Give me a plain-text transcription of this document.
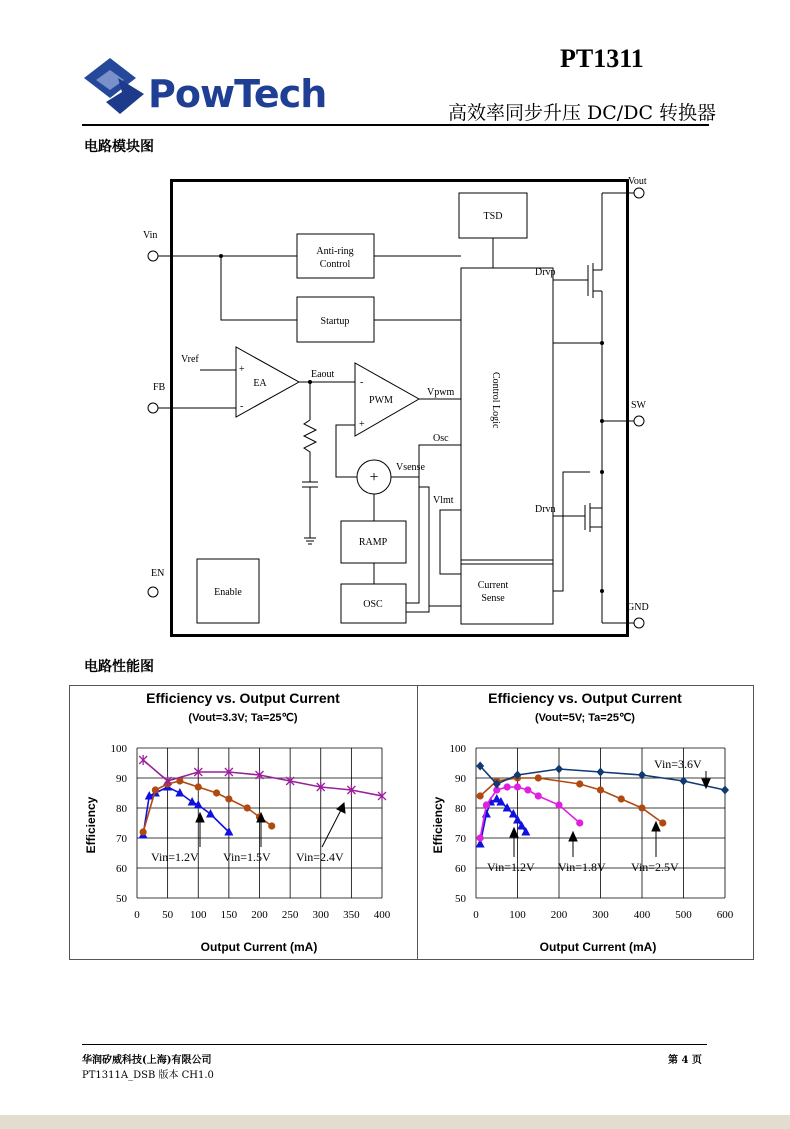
PowTech
PT1311
高效率同步升压 DC/DC 转换器
电路模块图
TSD
Anti-ring
Control
Startup
EA
PWM	Control Logic
RAMP
OSC
Enable
Current
Sense
Vin
FB
EN
Vout
SW
GND
Vref
Eaout
Vpwm
Osc
Vsense
Vlmt
Drvp
Drvn
+
-
-
+
+
电路性能图
Efficiency vs. Output Current
(Vout=3.3V; Ta=25℃)
Efficiency
Output Current (mA)
0 50 100 150 200 250 300 350 400
50
60
70
80
90
100
Vin=1.2V Vin=1.5V Vin=2.4V
Efficiency vs. Output Current
(Vout=5V; Ta=25℃)
Efficiency
Output Current (mA)
0	100 200 300 400 500 600
50
60
70
80
90
100
Vin=1.2V Vin=1.8V Vin=2.5V
Vin=3.6V
华润矽威科技(上海)有限公司
PT1311A_DSB 版本 CH1.0
第 4 页
